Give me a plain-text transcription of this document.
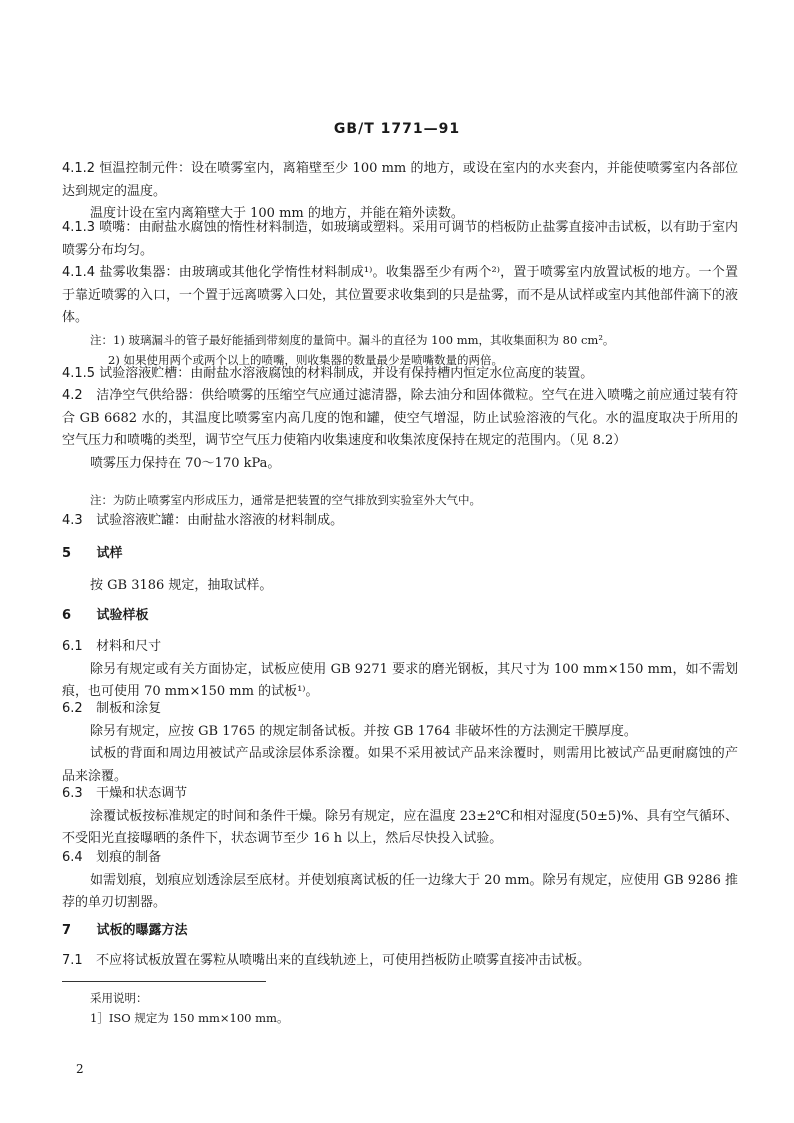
GB/T 1771—91

4.1.2 恒温控制元件：设在喷雾室内，离箱壁至少 100 mm 的地方，或设在室内的水夹套内，并能使喷雾室内各部位达到规定的温度。

温度计设在室内离箱壁大于 100 mm 的地方，并能在箱外读数。

4.1.3 喷嘴：由耐盐水腐蚀的惰性材料制造，如玻璃或塑料。采用可调节的档板防止盐雾直接冲击试板，以有助于室内喷雾分布均匀。

4.1.4 盐雾收集器：由玻璃或其他化学惰性材料制成¹⁾。收集器至少有两个²⁾，置于喷雾室内放置试板的地方。一个置于靠近喷雾的入口，一个置于远离喷雾入口处，其位置要求收集到的只是盐雾，而不是从试样或室内其他部件滴下的液体。

注：1) 玻璃漏斗的管子最好能插到带刻度的量筒中。漏斗的直径为 100 mm，其收集面积为 80 cm²。

2) 如果使用两个或两个以上的喷嘴，则收集器的数量最少是喷嘴数量的两倍。

4.1.5 试验溶液贮槽：由耐盐水溶液腐蚀的材料制成，并设有保持槽内恒定水位高度的装置。

4.2 洁净空气供给器：供给喷雾的压缩空气应通过滤清器，除去油分和固体微粒。空气在进入喷嘴之前应通过装有符合 GB 6682 水的，其温度比喷雾室内高几度的饱和罐，使空气增湿，防止试验溶液的气化。水的温度取决于所用的空气压力和喷嘴的类型，调节空气压力使箱内收集速度和收集浓度保持在规定的范围内。（见 8.2）

喷雾压力保持在 70～170 kPa。

注：为防止喷雾室内形成压力，通常是把装置的空气排放到实验室外大气中。

4.3 试验溶液贮罐：由耐盐水溶液的材料制成。

5 试样

按 GB 3186 规定，抽取试样。

6 试验样板

6.1 材料和尺寸

除另有规定或有关方面协定，试板应使用 GB 9271 要求的磨光钢板，其尺寸为 100 mm×150 mm，如不需划痕，也可使用 70 mm×150 mm 的试板¹⁾。

6.2 制板和涂复

除另有规定，应按 GB 1765 的规定制备试板。并按 GB 1764 非破坏性的方法测定干膜厚度。

试板的背面和周边用被试产品或涂层体系涂覆。如果不采用被试产品来涂覆时，则需用比被试产品更耐腐蚀的产品来涂覆。

6.3 干燥和状态调节

涂覆试板按标准规定的时间和条件干燥。除另有规定，应在温度 23±2℃和相对湿度(50±5)%、具有空气循环、不受阳光直接曝晒的条件下，状态调节至少 16 h 以上，然后尽快投入试验。

6.4 划痕的制备

如需划痕，划痕应划透涂层至底材。并使划痕离试板的任一边缘大于 20 mm。除另有规定，应使用 GB 9286 推荐的单刃切割器。

7 试板的曝露方法

7.1 不应将试板放置在雾粒从喷嘴出来的直线轨迹上，可使用挡板防止喷雾直接冲击试板。

采用说明：

1］ISO 规定为 150 mm×100 mm。

2
